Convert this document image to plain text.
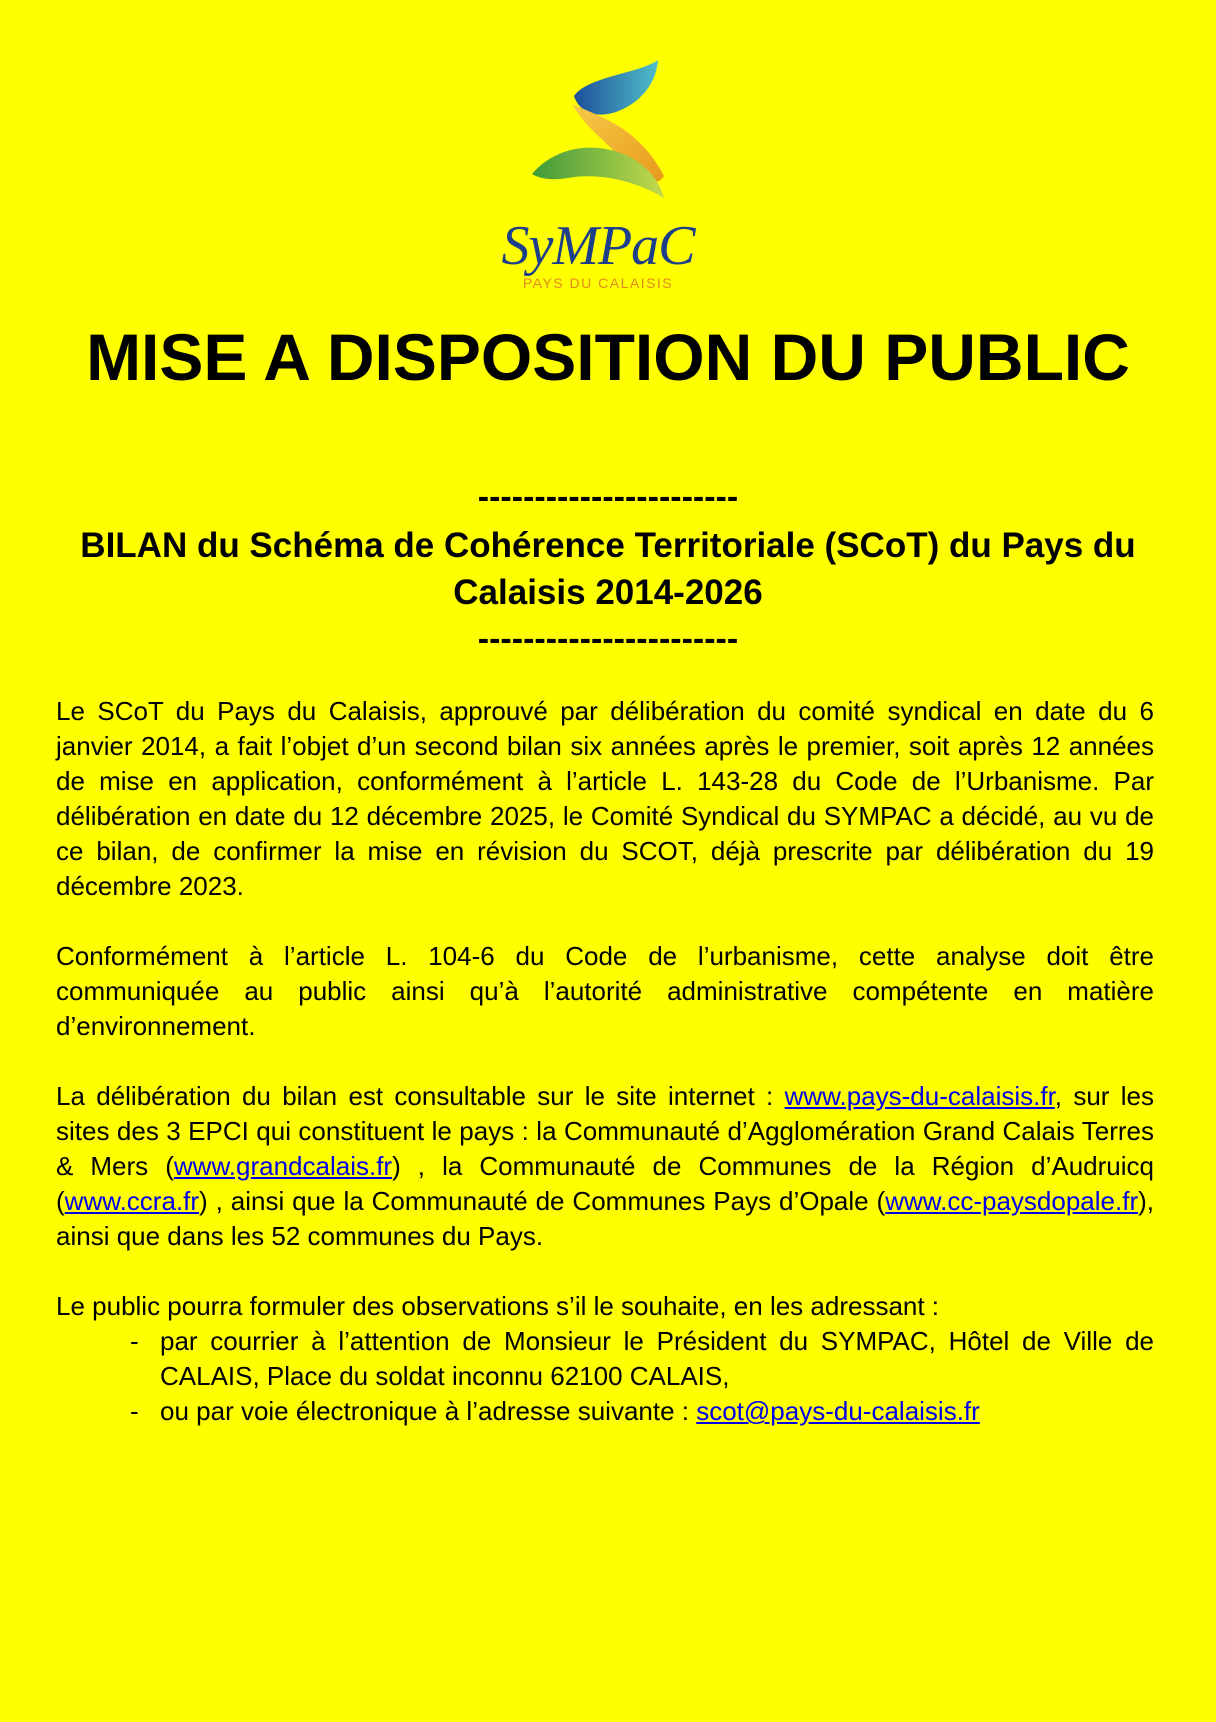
SyMPaC
PAYS DU CALAISIS
MISE A DISPOSITION DU PUBLIC
-----------------------
BILAN du Schéma de Cohérence Territoriale (SCoT) du Pays du Calaisis 2014-2026
-----------------------

Le SCoT du Pays du Calaisis, approuvé par délibération du comité syndical en date du 6 janvier 2014, a fait l’objet d’un second bilan six années après le premier, soit après 12 années de mise en application, conformément à l’article L. 143-28 du Code de l’Urbanisme. Par délibération en date du 12 décembre 2025, le Comité Syndical du SYMPAC a décidé, au vu de ce bilan, de confirmer la mise en révision du SCOT, déjà prescrite par délibération du 19 décembre 2023.

Conformément à l’article L. 104-6 du Code de l’urbanisme, cette analyse doit être communiquée au public ainsi qu’à l’autorité administrative compétente en matière d’environnement.

La délibération du bilan est consultable sur le site internet : www.pays-du-calaisis.fr, sur les sites des 3 EPCI qui constituent le pays : la Communauté d’Agglomération Grand Calais Terres & Mers (www.grandcalais.fr) , la Communauté de Communes de la Région d’Audruicq (www.ccra.fr) , ainsi que la Communauté de Communes Pays d’Opale (www.cc-paysdopale.fr), ainsi que dans les 52 communes du Pays.

Le public pourra formuler des observations s’il le souhaite, en les adressant :
- par courrier à l’attention de Monsieur le Président du SYMPAC, Hôtel de Ville de CALAIS, Place du soldat inconnu 62100 CALAIS,
- ou par voie électronique à l’adresse suivante : scot@pays-du-calaisis.fr
